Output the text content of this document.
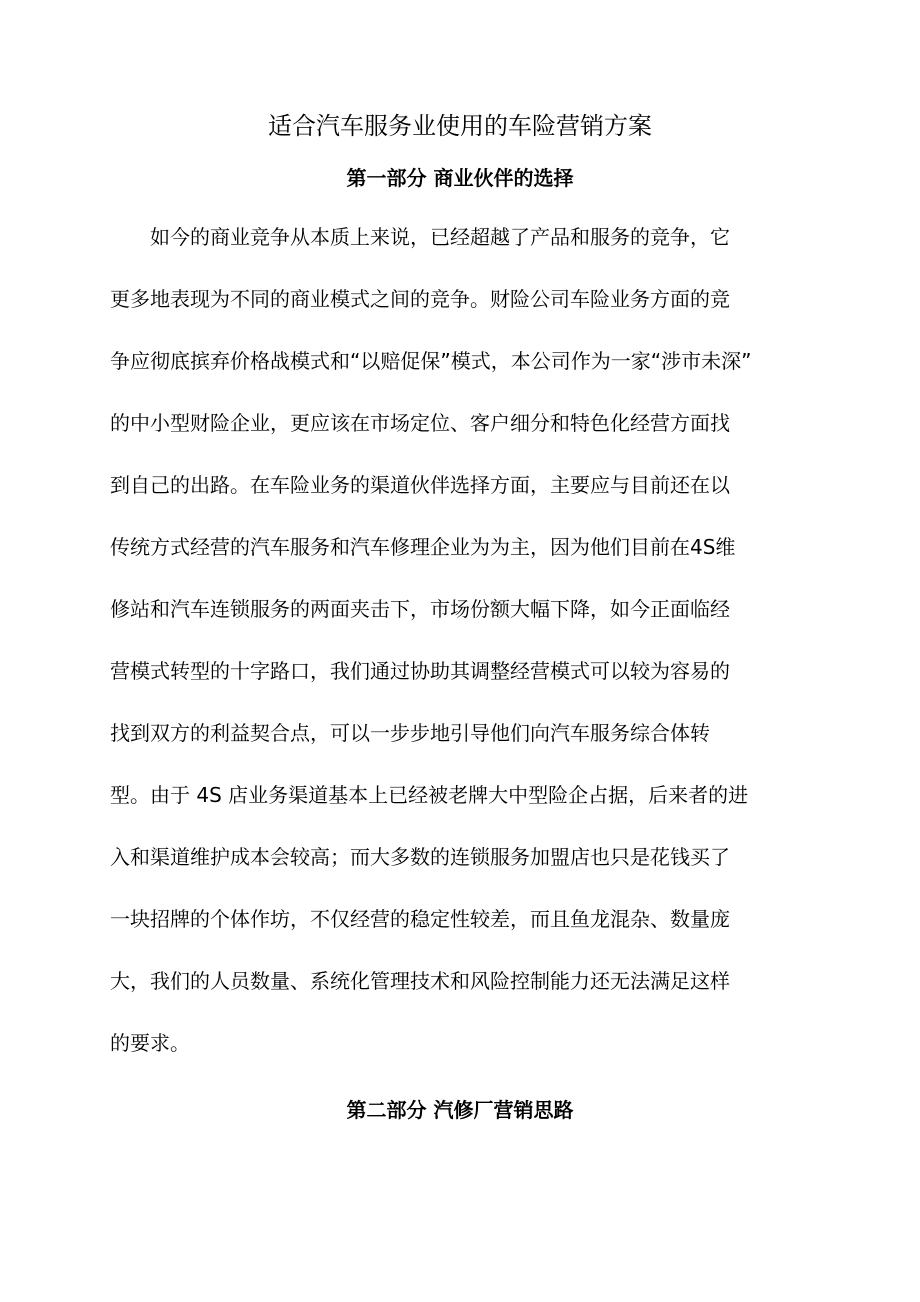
适合汽车服务业使用的车险营销方案
第一部分 商业伙伴的选择

　　如今的商业竞争从本质上来说，已经超越了产品和服务的竞争，它

更多地表现为不同的商业模式之间的竞争。财险公司车险业务方面的竞

争应彻底摈弃价格战模式和“以赔促保”模式，本公司作为一家“涉市未深”

的中小型财险企业，更应该在市场定位、客户细分和特色化经营方面找

到自己的出路。在车险业务的渠道伙伴选择方面，主要应与目前还在以

传统方式经营的汽车服务和汽车修理企业为为主，因为他们目前在4S维

修站和汽车连锁服务的两面夹击下，市场份额大幅下降，如今正面临经

营模式转型的十字路口，我们通过协助其调整经营模式可以较为容易的

找到双方的利益契合点，可以一步步地引导他们向汽车服务综合体转

型。由于 4S 店业务渠道基本上已经被老牌大中型险企占据，后来者的进

入和渠道维护成本会较高；而大多数的连锁服务加盟店也只是花钱买了

一块招牌的个体作坊，不仅经营的稳定性较差，而且鱼龙混杂、数量庞

大，我们的人员数量、系统化管理技术和风险控制能力还无法满足这样

的要求。

第二部分 汽修厂营销思路
